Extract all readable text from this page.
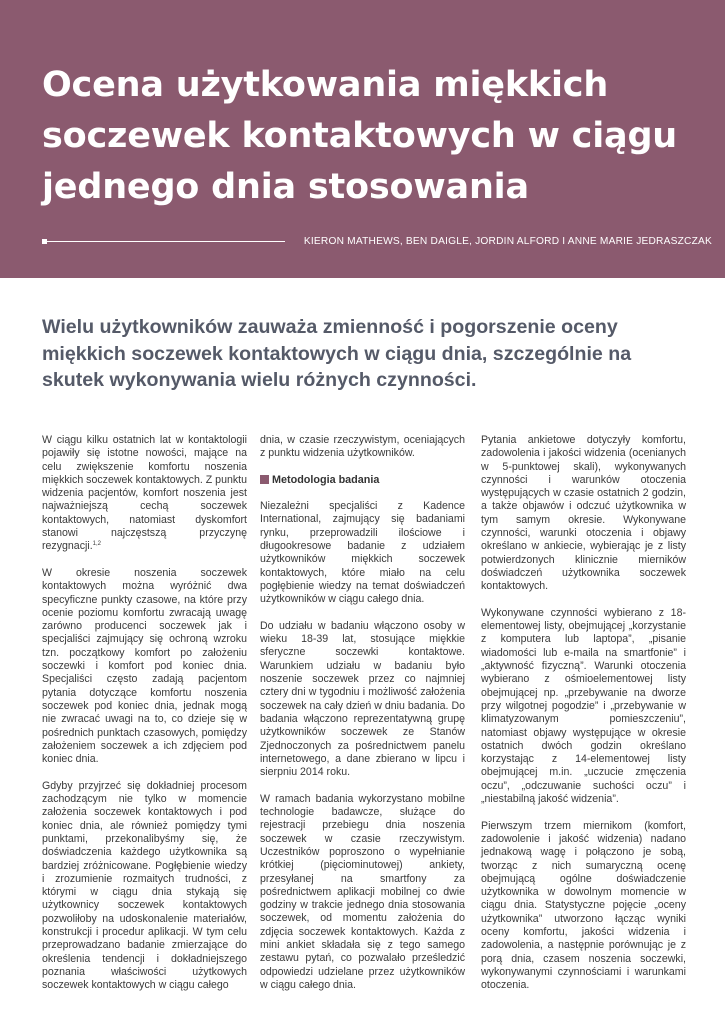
Ocena użytkowania miękkich soczewek kontaktowych w ciągu jednego dnia stosowania
KIERON MATHEWS, BEN DAIGLE, JORDIN ALFORD I ANNE MARIE JEDRASZCZAK

Wielu użytkowników zauważa zmienność i pogorszenie oceny miękkich soczewek kontaktowych w ciągu dnia, szczególnie na skutek wykonywania wielu różnych czynności.

W ciągu kilku ostatnich lat w kontaktologii pojawiły się istotne nowości, mające na celu zwiększenie komfortu noszenia miękkich soczewek kontaktowych. Z punktu widzenia pacjentów, komfort noszenia jest najważniejszą cechą soczewek kontaktowych, natomiast dyskomfort stanowi najczęstszą przyczynę rezygnacji.$^{1,2}$

W okresie noszenia soczewek kontaktowych można wyróżnić dwa specyficzne punkty czasowe, na które przy ocenie poziomu komfortu zwracają uwagę zarówno producenci soczewek jak i specjaliści zajmujący się ochroną wzroku tzn. początkowy komfort po założeniu soczewki i komfort pod koniec dnia. Specjaliści często zadają pacjentom pytania dotyczące komfortu noszenia soczewek pod koniec dnia, jednak mogą nie zwracać uwagi na to, co dzieje się w pośrednich punktach czasowych, pomiędzy założeniem soczewek a ich zdjęciem pod koniec dnia.

Gdyby przyjrzeć się dokładniej procesom zachodzącym nie tylko w momencie założenia soczewek kontaktowych i pod koniec dnia, ale również pomiędzy tymi punktami, przekonalibyśmy się, że doświadczenia każdego użytkownika są bardziej zróżnicowane. Pogłębienie wiedzy i zrozumienie rozmaitych trudności, z którymi w ciągu dnia stykają się użytkownicy soczewek kontaktowych pozwoliłoby na udoskonalenie materiałów, konstrukcji i procedur aplikacji. W tym celu przeprowadzano badanie zmierzające do określenia tendencji i dokładniejszego poznania właściwości użytkowych soczewek kontaktowych w ciągu całego

dnia, w czasie rzeczywistym, oceniających z punktu widzenia użytkowników.

Metodologia badania

Niezależni specjaliści z Kadence International, zajmujący się badaniami rynku, przeprowadzili ilościowe i długookresowe badanie z udziałem użytkowników miękkich soczewek kontaktowych, które miało na celu pogłębienie wiedzy na temat doświadczeń użytkowników w ciągu całego dnia.

Do udziału w badaniu włączono osoby w wieku 18-39 lat, stosujące miękkie sferyczne soczewki kontaktowe. Warunkiem udziału w badaniu było noszenie soczewek przez co najmniej cztery dni w tygodniu i możliwość założenia soczewek na cały dzień w dniu badania. Do badania włączono reprezentatywną grupę użytkowników soczewek ze Stanów Zjednoczonych za pośrednictwem panelu internetowego, a dane zbierano w lipcu i sierpniu 2014 roku.

W ramach badania wykorzystano mobilne technologie badawcze, służące do rejestracji przebiegu dnia noszenia soczewek w czasie rzeczywistym. Uczestników poproszono o wypełnianie krótkiej (pięciominutowej) ankiety, przesyłanej na smartfony za pośrednictwem aplikacji mobilnej co dwie godziny w trakcie jednego dnia stosowania soczewek, od momentu założenia do zdjęcia soczewek kontaktowych. Każda z mini ankiet składała się z tego samego zestawu pytań, co pozwalało prześledzić odpowiedzi udzielane przez użytkowników w ciągu całego dnia.

Pytania ankietowe dotyczyły komfortu, zadowolenia i jakości widzenia (ocenianych w 5-punktowej skali), wykonywanych czynności i warunków otoczenia występujących w czasie ostatnich 2 godzin, a także objawów i odczuć użytkownika w tym samym okresie. Wykonywane czynności, warunki otoczenia i objawy określano w ankiecie, wybierając je z listy potwierdzonych klinicznie mierników doświadczeń użytkownika soczewek kontaktowych.

Wykonywane czynności wybierano z 18-elementowej listy, obejmującej „korzystanie z komputera lub laptopa”, „pisanie wiadomości lub e-maila na smartfonie” i „aktywność fizyczną”. Warunki otoczenia wybierano z ośmioelementowej listy obejmującej np. „przebywanie na dworze przy wilgotnej pogodzie” i „przebywanie w klimatyzowanym pomieszczeniu”, natomiast objawy występujące w okresie ostatnich dwóch godzin określano korzystając z 14-elementowej listy obejmującej m.in. „uczucie zmęczenia oczu”, „odczuwanie suchości oczu” i „niestabilną jakość widzenia”.

Pierwszym trzem miernikom (komfort, zadowolenie i jakość widzenia) nadano jednakową wagę i połączono je sobą, tworząc z nich sumaryczną ocenę obejmującą ogólne doświadczenie użytkownika w dowolnym momencie w ciągu dnia. Statystyczne pojęcie „oceny użytkownika” utworzono łącząc wyniki oceny komfortu, jakości widzenia i zadowolenia, a następnie porównując je z porą dnia, czasem noszenia soczewki, wykonywanymi czynnościami i warunkami otoczenia.
